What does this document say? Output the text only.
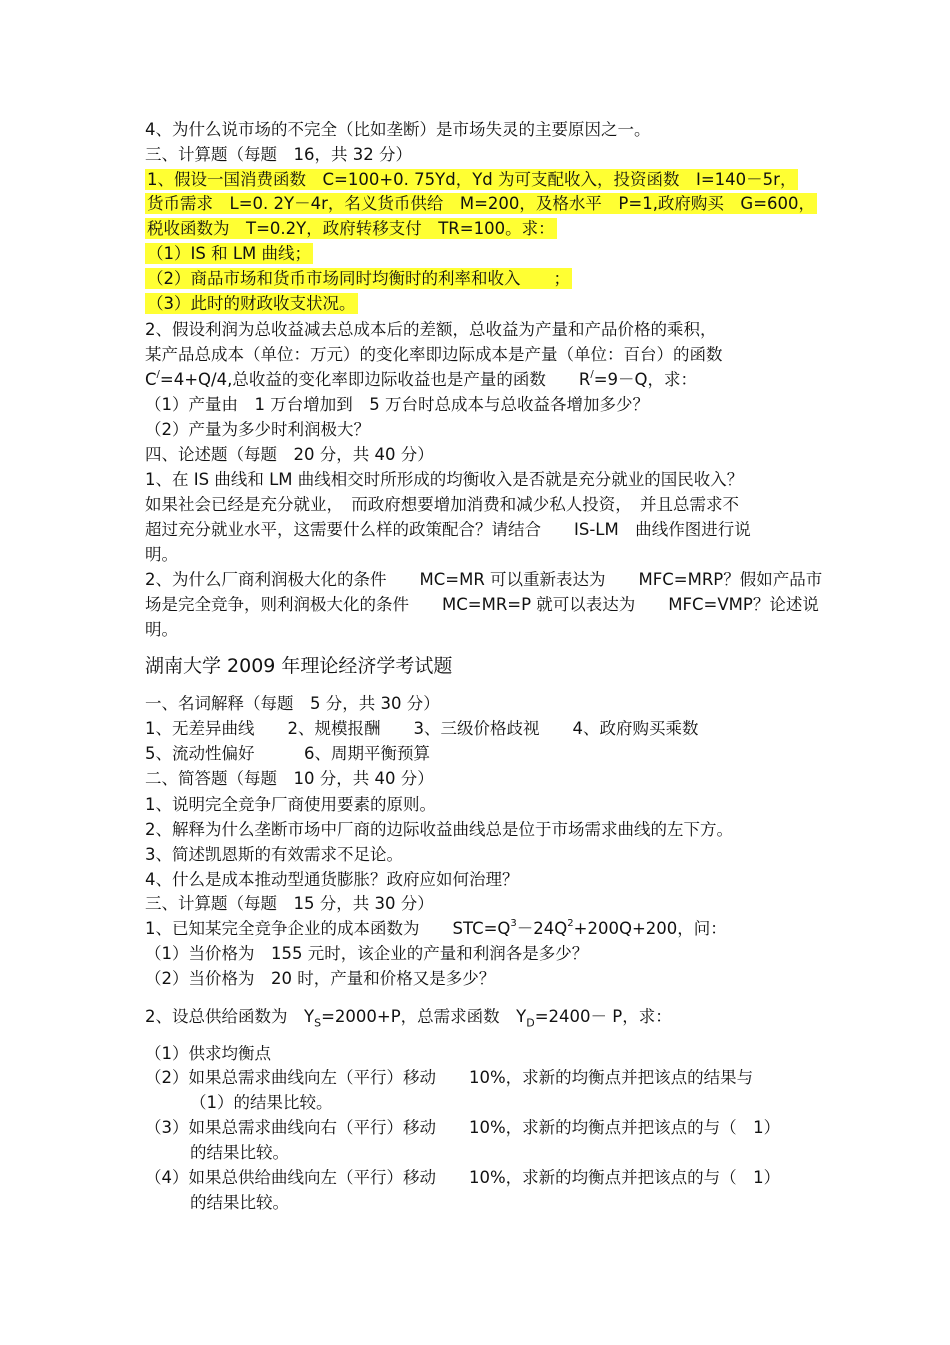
4、为什么说市场的不完全（比如垄断）是市场失灵的主要原因之一。
三、计算题（每题　16，共 32 分）
1、假设一国消费函数　C=100+0. 75Yd，Yd 为可支配收入，投资函数　I=140－5r，
货币需求　L=0. 2Y－4r，名义货币供给　M=200，及格水平　P=1,政府购买　G=600，
税收函数为　T=0.2Y，政府转移支付　TR=100。求：
（1）IS 和 LM 曲线；
（2）商品市场和货币市场同时均衡时的利率和收入　　；
（3）此时的财政收支状况。
2、假设利润为总收益减去总成本后的差额，总收益为产量和产品价格的乘积，
某产品总成本（单位：万元）的变化率即边际成本是产量（单位：百台）的函数
C/=4+Q/4,总收益的变化率即边际收益也是产量的函数　　R/=9－Q，求：
（1）产量由　1 万台增加到　5 万台时总成本与总收益各增加多少？
（2）产量为多少时利润极大？
四、论述题（每题　20 分，共 40 分）
1、在 IS 曲线和 LM 曲线相交时所形成的均衡收入是否就是充分就业的国民收入？
如果社会已经是充分就业，　而政府想要增加消费和减少私人投资，　并且总需求不
超过充分就业水平，这需要什么样的政策配合？请结合　　IS-LM　曲线作图进行说
明。
2、为什么厂商利润极大化的条件　　MC=MR 可以重新表达为　　MFC=MRP？假如产品市
场是完全竞争，则利润极大化的条件　　MC=MR=P 就可以表达为　　MFC=VMP？论述说
明。
湖南大学 2009 年理论经济学考试题
一、名词解释（每题　5 分，共 30 分）
1、无差异曲线　　2、规模报酬　　3、三级价格歧视　　4、政府购买乘数
5、流动性偏好　　　6、周期平衡预算
二、简答题（每题　10 分，共 40 分）
1、说明完全竞争厂商使用要素的原则。
2、解释为什么垄断市场中厂商的边际收益曲线总是位于市场需求曲线的左下方。
3、简述凯恩斯的有效需求不足论。
4、什么是成本推动型通货膨胀？政府应如何治理？
三、计算题（每题　15 分，共 30 分）
1、已知某完全竞争企业的成本函数为　　$STC=Q^3-24Q^2+200Q+200$，问：
（1）当价格为　155 元时，该企业的产量和利润各是多少？
（2）当价格为　20 时，产量和价格又是多少？
2、设总供给函数为　$Y_S=2000+P$，总需求函数　$Y_D=2400- P$，求：
（1）供求均衡点
（2）如果总需求曲线向左（平行）移动　　10%，求新的均衡点并把该点的结果与
（1）的结果比较。
（3）如果总需求曲线向右（平行）移动　　10%，求新的均衡点并把该点的与（　1）
的结果比较。
（4）如果总供给曲线向左（平行）移动　　10%，求新的均衡点并把该点的与（　1）
的结果比较。
